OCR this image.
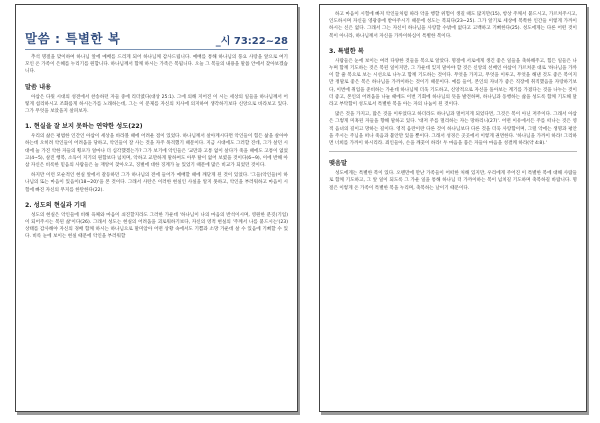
말씀 : 특별한 복	_시 73:22~28

추석 명절을 맞이하여 하나님 앞에 예배를 드리게 되어 하나님께 감사드립니다. 예배를 통해 하나님의 풍요 사랑을 앞으로 여기 모인 온 가족이 은혜를 누리기를 원합니다. 하나님께서 함께 하시는 가족은 복됩니다. 오늘 그 복들의 내용을 말씀 안에서 찾아보겠습니다.

말씀 내용

아삽은 다윗 시대의 성전에서 찬송하던 자들 중에 리더였다(대상 25:1). 그에 의해 지어진 이 시는 세상의 일들을 하나님께서 어떻게 섭리하시고 조화롭게 하시는가를 노래하는데, 그는 이 문제를 자신의 치사에 의지하여 생각하기보다 신앙으로 바라보고 있다. 그가 무엇을 보았을지 살펴보자.

1. 현실을 잘 보지 못하는 연약한 성도(22)

우리의 삶은 평범한 인간인 아삽이 세상을 바라볼 때에 어려운 점이 있었다. 하나님께서 살아계시다면 악인들이 힘든 삶을 살아야 하는데 오히려 악인들이 어려움을 당하고, 악인들이 잘 사는 것을 자주 목격했기 때문이다. 지금 시대에도 그러할 진데, 그가 살던 시대에 늘 가진 악한 자들의 횡포가 얼마나 더 심각했겠는가? 그가 보기에 악인들은 '교만과 고통 없이 살다가 죽을 때에도 고통이 없었고(4~5), 살진 행복, 소득이 지기의 원함보다 넘치며, 악하고 교만하게 말하여도 아무 탈이 없어 보였을 것이다(6~9), 이에 반해 아삽 자신은 비록한 믿음의 사람들은 늘 재앙이 찾아오고, 징벌에 대한 징계가 늘 있었기 때문에 많은 비교가 되었던 것이다.

하지만 이런 모순적인 현실 앞에서 갈등하던 그가 하나님의 전에 들어가 예배할 때에 깨닫게 된 것이 있었다. '그들(악인들)이 하나님의 또는 마음이 있음이(18~20)'을 본 것이다. 그래서 사탄은 이러한 현실인 사실을 알지 못하고, 악인을 부러워하고 마음이 시험에 빠진 자신의 무지를 한탄한다(22).

2. 성도의 현실과 기대

성도의 현실은 악인들에 비해 육체와 마음이 쇠진할지라도 그러한 가운데 '하나님이 나의 마음의 반석이시며, 영원한 분깃(기업)이 되어주시는 복된 삶'이다(26). 그래서 성도는 현실의 어려움을 괴로워하기보다, 자신의 영적 현실의 '주께서 나를 붙드시는'(23) 상태를 감사해야 자신의 경배 함께 하시는 하나님으로 말미암아 어떤 상황 속에서도 기쁨과 소망 가운데 살 수 있음에 기뻐할 수 있다. 비록 눈에 보이는 현실 때문에 악인을 부러워할

하고 마음이 시험에 빠져 악인들처럼 따라 악을 행할 위험이 생길 때도 많지만(15), 항상 주께서 붙드시고, 가르쳐주시고, 인도하시며 자신들 영광중에 받아주시기 때문에 성도는 복되다(23~25). 그가 알기로 세상에 복쪽한 인간들 이렇게 가까이하시는 신은 없다. 그래서 그는 자신이 하나님을 사랑할 수밖에 없다고 고백하고 기뻐한다(25). 성도에게는 다른 어떤 것이 복이 아니라, 하나님께서 자신을 가까이하심이 특별한 복이다.

3. 특별한 복

사람들은 눈에 보이는 여러 다양한 것들을 복으로 알았다. 명절에 서로에게 생긴 좋은 일들을 축하해주고, 힘든 일들은 나누며 함께 기도하는 것은 복된 일이지만, 그 가운데 잊지 말아야 할 것은 신앙의 선배인 아삽이 가르쳐준 대로 '하나님을 가까이 할 줄 복으로 보는 시선으로 나누고 함께 기도하는 것이다. 무엇을 가지고, 무엇을 이루고, 무엇을 해낸 것도 좋은 복이지만 정말로 좋은 복은 하나님을 가까이하는 것이기 때문이다. 예를 들어, 본인의 자녀가 좋은 직장에 취직했음을 자랑하기보다, 이번에 취업을 준비하는 가운데 하나님께 더욱 기도하고, 신앙적으로 자신을 돌아보는 계기를 가졌다는 것을 나누는 것이 더 좋고, 본인의 어려움을 나눌 때에도 이번 기회에 하나님의 뜻을 발견하며, 하나님과 동행하는 삶을 성도록 함께 기도해 달라고 부탁함이 성도로서 특별한 복을 아는 자의 나눔이 된 것이다.

많은 것을 가지고, 많은 것을 이루었다고 하더라도 하나님과 멀어지게 되었다면, 그것은 복이 아닌 저주이다. 그래서 아삽은 그렇게 미혹된 자들을 향해 말하고 있다. '대저 주를 멀리하는 자는 망하리니(27)'. 어떤 이유에서든 주를 떠나는 것은 영적 음녀의 길이고 망하는 길이다. 영적 음란이란 다른 것이 하나님보다 다른 것을 더욱 사랑함이며, 그럴 악에는 생명과 평안을 주시는 주님을 떠나 죽음과 불안만 있을 뿐이다. 그래서 성경은 곳곳에서 이렇게 권면한다. '하나님을 가까이 하라! 그리하면 너희를 가까이 하시리라. 죄인들아, 손을 깨끗이 하라! 두 마음을 품은 자들아 마음을 성결케 하라(약 4:8).'

맺음말

성도에게는 특별한 복이 있다. 오랜만에 만난 가족들이 어떠한 처해 있지만, 우리에게 주어진 이 특별한 복에 대해 사람들로 함께 기도하고, 그 앞 일이 되도록 그 가운 일을 통해 하나님 더 가까이하는 복이 넘치길 기도하며 축복하길 바랍니다. 명절은 이렇게 온 가족이 특별한 복을 누리며, 축복하는 날이기 때문이다.
